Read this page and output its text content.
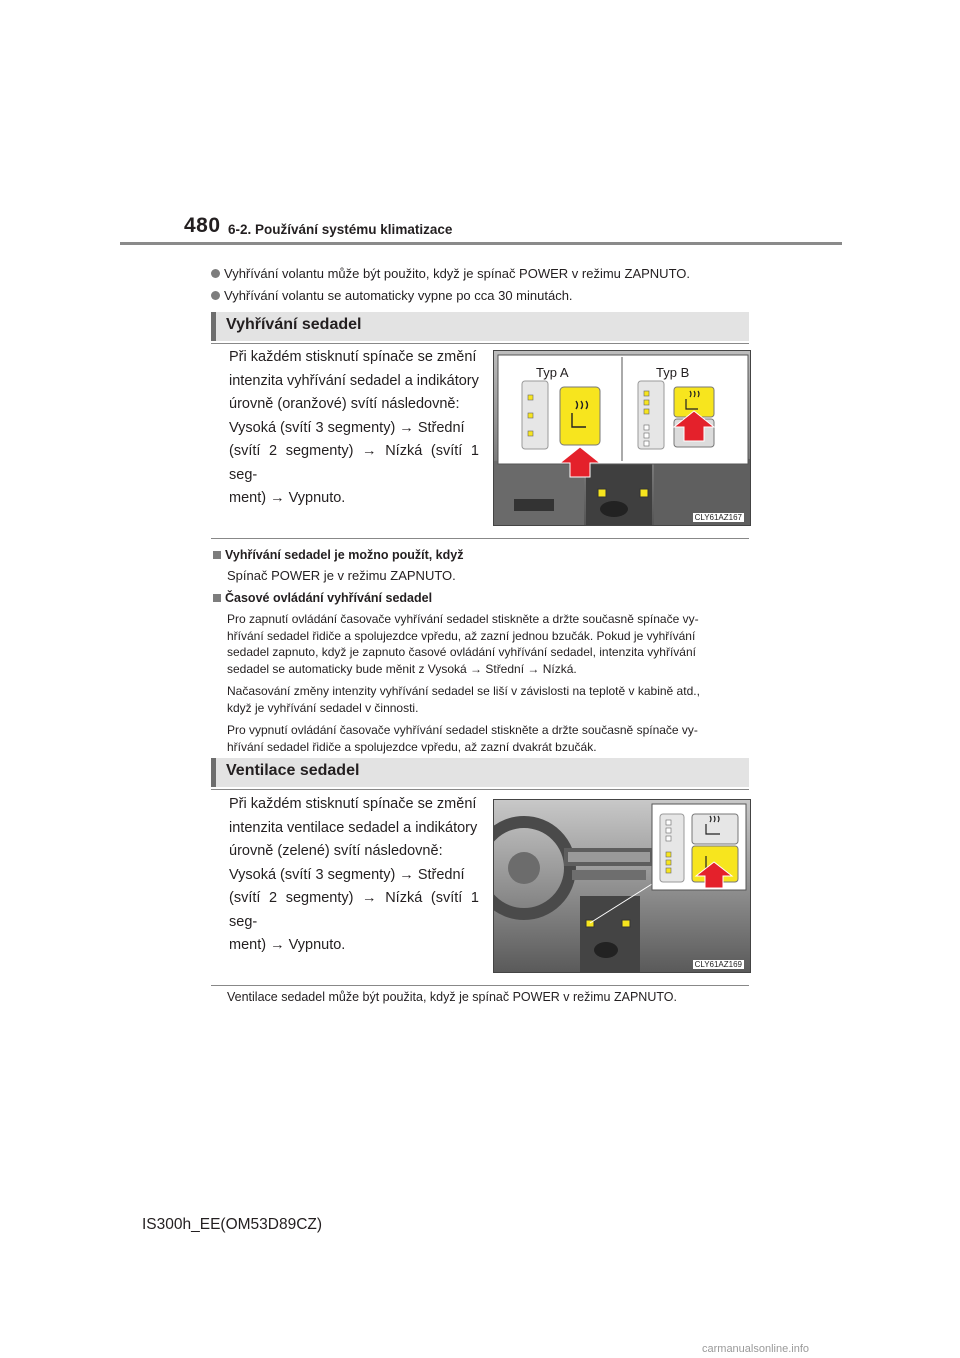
480 6-2. Používání systému klimatizace
Vyhřívání volantu může být použito, když je spínač POWER v režimu ZAPNUTO.
Vyhřívání volantu se automaticky vypne po cca 30 minutách.
Vyhřívání sedadel
Při každém stisknutí spínače se změní
intenzita vyhřívání sedadel a indikátory
úrovně (oranžové) svítí následovně:
Vysoká (svítí 3 segmenty) → Střední
(svítí 2 segmenty) → Nízká (svítí 1 seg-
ment) → Vypnuto.
CLY61AZ167
Typ A	Typ B
Vyhřívání sedadel je možno použít, když
Spínač POWER je v režimu ZAPNUTO.
Časové ovládání vyhřívání sedadel
Pro zapnutí ovládání časovače vyhřívání sedadel stiskněte a držte současně spínače vy-
hřívání sedadel řidiče a spolujezdce vpředu, až zazní jednou bzučák. Pokud je vyhřívání
sedadel zapnuto, když je zapnuto časové ovládání vyhřívání sedadel, intenzita vyhřívání
sedadel se automaticky bude měnit z Vysoká → Střední → Nízká.
Načasování změny intenzity vyhřívání sedadel se liší v závislosti na teplotě v kabině atd.,
když je vyhřívání sedadel v činnosti.
Pro vypnutí ovládání časovače vyhřívání sedadel stiskněte a držte současně spínače vy-
hřívání sedadel řidiče a spolujezdce vpředu, až zazní dvakrát bzučák.
Ventilace sedadel
Při každém stisknutí spínače se změní
intenzita ventilace sedadel a indikátory
úrovně (zelené) svítí následovně:
Vysoká (svítí 3 segmenty) → Střední
(svítí 2 segmenty) → Nízká (svítí 1 seg-
ment) → Vypnuto.
CLY61AZ169
Ventilace sedadel může být použita, když je spínač POWER v režimu ZAPNUTO.
IS300h_EE(OM53D89CZ)
carmanualsonline.info
